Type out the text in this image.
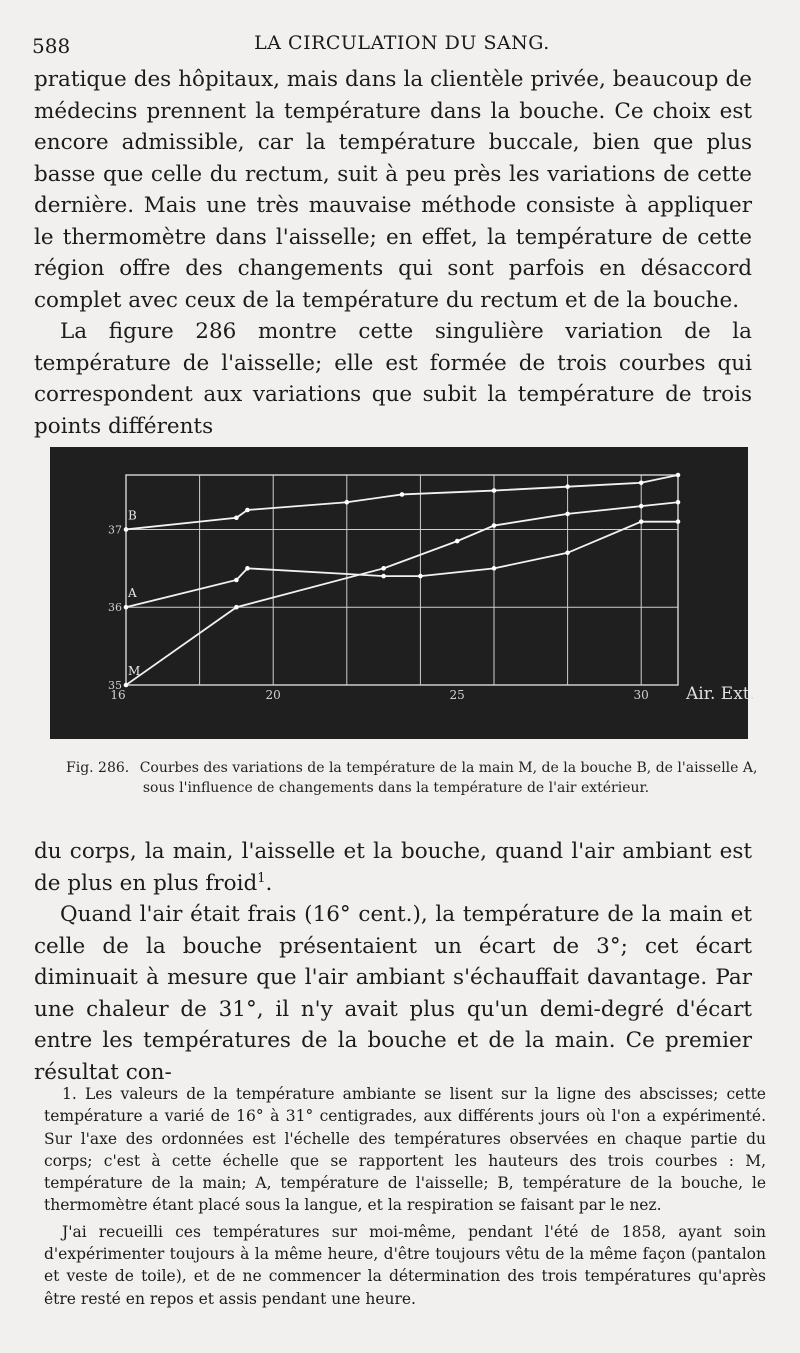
588	LA CIRCULATION DU SANG.

pratique des hôpitaux, mais dans la clientèle privée, beaucoup de médecins prennent la température dans la bouche. Ce choix est encore admissible, car la température buccale, bien que plus basse que celle du rectum, suit à peu près les variations de cette dernière. Mais une très mauvaise méthode consiste à appliquer le thermomètre dans l'aisselle; en effet, la température de cette région offre des changements qui sont parfois en désaccord complet avec ceux de la température du rectum et de la bouche.

La figure 286 montre cette singulière variation de la température de l'aisselle; elle est formée de trois courbes qui correspondent aux variations que subit la température de trois points différents

35
36
37
16	20	25	30 Air. Ext.
B
A
M
Fig. 286. Courbes des variations de la température de la main M, de la bouche B, de l'aisselle A,
sous l'influence de changements dans la température de l'air extérieur.

du corps, la main, l'aisselle et la bouche, quand l'air ambiant est de plus en plus froid$^1$.

Quand l'air était frais (16° cent.), la température de la main et celle de la bouche présentaient un écart de 3°; cet écart diminuait à mesure que l'air ambiant s'échauffait davantage. Par une chaleur de 31°, il n'y avait plus qu'un demi-degré d'écart entre les températures de la bouche et de la main. Ce premier résultat con-

1. Les valeurs de la température ambiante se lisent sur la ligne des abscisses; cette température a varié de 16° à 31° centigrades, aux différents jours où l'on a expérimenté. Sur l'axe des ordonnées est l'échelle des températures observées en chaque partie du corps; c'est à cette échelle que se rapportent les hauteurs des trois courbes : M, température de la main; A, température de l'aisselle; B, température de la bouche, le thermomètre étant placé sous la langue, et la respiration se faisant par le nez.

J'ai recueilli ces températures sur moi-même, pendant l'été de 1858, ayant soin d'expérimenter toujours à la même heure, d'être toujours vêtu de la même façon (pantalon et veste de toile), et de ne commencer la détermination des trois températures qu'après être resté en repos et assis pendant une heure.
